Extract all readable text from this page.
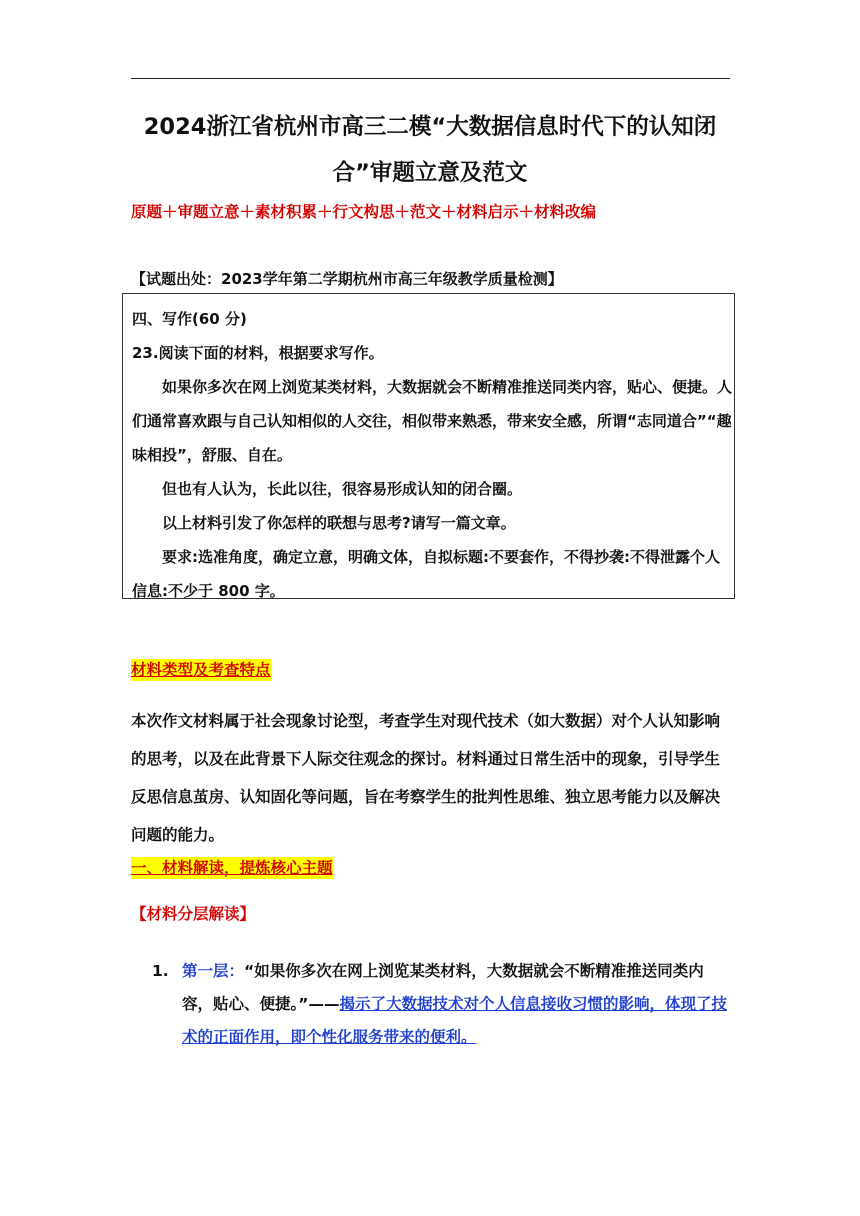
2024浙江省杭州市高三二模“大数据信息时代下的认知闭合”审题立意及范文
原题＋审题立意＋素材积累＋行文构思＋范文＋材料启示＋材料改编
【试题出处：2023学年第二学期杭州市高三年级教学质量检测】

四、写作(60 分)

23.阅读下面的材料，根据要求写作。

如果你多次在网上浏览某类材料，大数据就会不断精准推送同类内容，贴心、便捷。人们通常喜欢跟与自己认知相似的人交往，相似带来熟悉，带来安全感，所谓“志同道合”“趣味相投”，舒服、自在。

但也有人认为，长此以往，很容易形成认知的闭合圈。

以上材料引发了你怎样的联想与思考?请写一篇文章。

要求:选准角度，确定立意，明确文体，自拟标题:不要套作，不得抄袭:不得泄露个人信息:不少于 800 字。

材料类型及考查特点
本次作文材料属于社会现象讨论型，考查学生对现代技术（如大数据）对个人认知影响的思考，以及在此背景下人际交往观念的探讨。材料通过日常生活中的现象，引导学生反思信息茧房、认知固化等问题，旨在考察学生的批判性思维、独立思考能力以及解决问题的能力。
一、材料解读，提炼核心主题
【材料分层解读】
1. 第一层：“如果你多次在网上浏览某类材料，大数据就会不断精准推送同类内容，贴心、便捷。”——揭示了大数据技术对个人信息接收习惯的影响，体现了技术的正面作用，即个性化服务带来的便利。
